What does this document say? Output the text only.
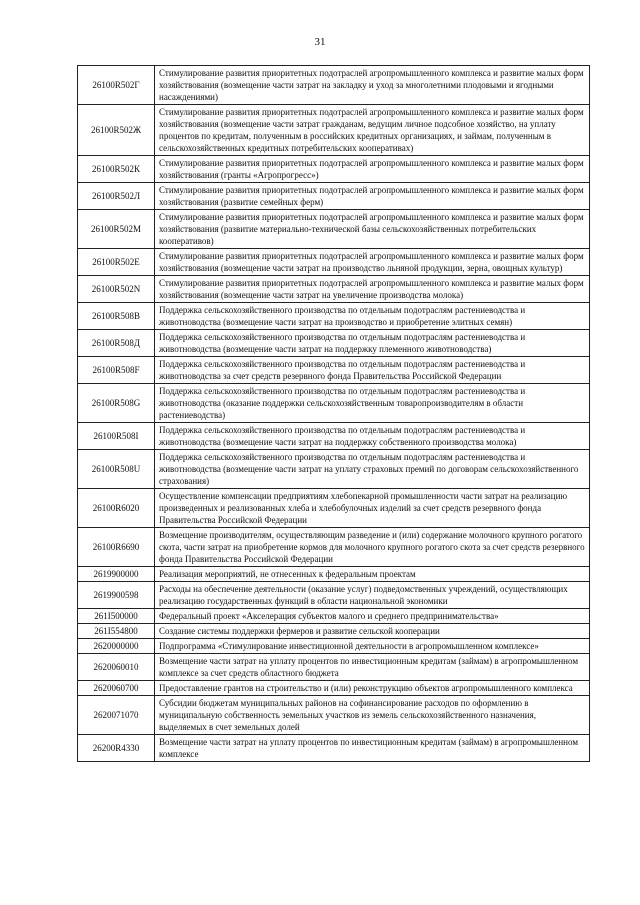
31
26100R502Г	Стимулирование развития приоритетных подотраслей агропромышленного комплекса и развитие малых форм хозяйствования (возмещение части затрат на закладку и уход за многолетними плодовыми и ягодными насаждениями)
26100R502Ж	Стимулирование развития приоритетных подотраслей агропромышленного комплекса и развитие малых форм хозяйствования (возмещение части затрат гражданам, ведущим личное подсобное хозяйство, на уплату процентов по кредитам, полученным в российских кредитных организациях, и займам, полученным в сельскохозяйственных кредитных потребительских кооперативах)
26100R502К	Стимулирование развития приоритетных подотраслей агропромышленного комплекса и развитие малых форм хозяйствования (гранты «Агропрогресс»)
26100R502Л	Стимулирование развития приоритетных подотраслей агропромышленного комплекса и развитие малых форм хозяйствования (развитие семейных ферм)
26100R502М	Стимулирование развития приоритетных подотраслей агропромышленного комплекса и развитие малых форм хозяйствования (развитие материально-технической базы сельскохозяйственных потребительских кооперативов)
26100R502E	Стимулирование развития приоритетных подотраслей агропромышленного комплекса и развитие малых форм хозяйствования (возмещение части затрат на производство льняной продукции, зерна, овощных культур)
26100R502N	Стимулирование развития приоритетных подотраслей агропромышленного комплекса и развитие малых форм хозяйствования (возмещение части затрат на увеличение производства молока)
26100R508В	Поддержка сельскохозяйственного производства по отдельным подотраслям растениеводства и животноводства (возмещение части затрат на производство и приобретение элитных семян)
26100R508Д	Поддержка сельскохозяйственного производства по отдельным подотраслям растениеводства и животноводства (возмещение части затрат на поддержку племенного животноводства)
26100R508F	Поддержка сельскохозяйственного производства по отдельным подотраслям растениеводства и животноводства за счет средств резервного фонда Правительства Российской Федерации
26100R508G	Поддержка сельскохозяйственного производства по отдельным подотраслям растениеводства и животноводства (оказание поддержки сельскохозяйственным товаропроизводителям в области растениеводства)
26100R508I	Поддержка сельскохозяйственного производства по отдельным подотраслям растениеводства и животноводства (возмещение части затрат на поддержку собственного производства молока)
26100R508U	Поддержка сельскохозяйственного производства по отдельным подотраслям растениеводства и животноводства (возмещение части затрат на уплату страховых премий по договорам сельскохозяйственного страхования)
26100R6020	Осуществление компенсации предприятиям хлебопекарной промышленности части затрат на реализацию произведенных и реализованных хлеба и хлебобулочных изделий за счет средств резервного фонда Правительства Российской Федерации
26100R6690	Возмещение производителям, осуществляющим разведение и (или) содержание молочного крупного рогатого скота, части затрат на приобретение кормов для молочного крупного рогатого скота за счет средств резервного фонда Правительства Российской Федерации
2619900000	Реализация мероприятий, не отнесенных к федеральным проектам
2619900598	Расходы на обеспечение деятельности (оказание услуг) подведомственных учреждений, осуществляющих реализацию государственных функций в области национальной экономики
261I500000	Федеральный проект «Акселерация субъектов малого и среднего предпринимательства»
261I554800	Создание системы поддержки фермеров и развитие сельской кооперации
2620000000	Подпрограмма «Стимулирование инвестиционной деятельности в агропромышленном комплексе»
2620060010	Возмещение части затрат на уплату процентов по инвестиционным кредитам (займам) в агропромышленном комплексе за счет средств областного бюджета
2620060700	Предоставление грантов на строительство и (или) реконструкцию объектов агропромышленного комплекса
2620071070	Субсидии бюджетам муниципальных районов на софинансирование расходов по оформлению в муниципальную собственность земельных участков из земель сельскохозяйственного назначения, выделяемых в счет земельных долей
26200R4330	Возмещение части затрат на уплату процентов по инвестиционным кредитам (займам) в агропромышленном комплексе
